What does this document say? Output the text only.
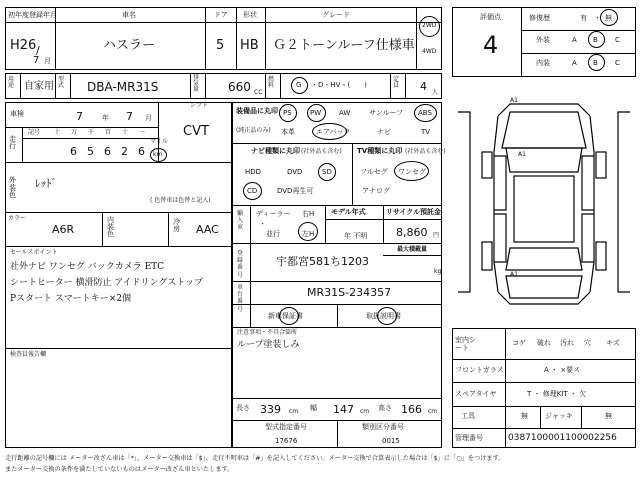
初年度登録年月
H26 /
7 月
車名
ハスラー
ドア
5
形状
HB
グレード
Ｇ２トーンルーフ仕様車
2WD
4WD
評価点
4
修復歴	有 ・ 無
外装	A B C
内装	A B C
用途 自家用
型式 DBA-MR31S
排気量 660 CC
燃料	G ・D・HV・(　　)
定員 4 人
車検	7	年 7 月
シフト
CVT
走行
記号 十 万 千 百 十 一
マイル
6 5 6 2 6 km
外装色
ﾚｯﾄﾞ
( 色替車は色替と記入)
カラー
A6R
内装色
冷房 AAC
セールスポイント
社外ナビ ワンセグ バックカメラ ETC
シートヒーター 横滑防止 アイドリングストップ
Pスタート スマートキー×2個
検査員報告欄
装備品に丸印
(純正品のみ)
PS	PW	AW	サンルーフ ABS
本革	エアバック	ナビ	TV
ナビ種類に丸印 (社外品も含む)
HDD	DVD	SD
CD	DVD再生可
TV種類に丸印 (社外品も含む)
フルセグ ワンセグ
アナログ
輸入車
ディーラー
・
並行
右H
左H
モデル年式
年 不明
リサイクル預託金
8,860 円
最大積載量
kg
登録番号
宇都宮581ち1203
車台番号
MR31S-234357
新車保証書	取扱説明書
注意事項・不具合箇所
ループ塗装しみ
長さ 339 cm 幅 147 cm 高さ 166 cm
型式指定番号
17676
類別区分番号
0015
A1
A1
A1
室内シート
コゲ 破れ 汚れ 穴 キズ
フロントガラス	A ・ ×要ス
スペアタイヤ	T ・ 修理KIT ・ 欠
工具	無 ジャッキ	無
管理番号	0387100001100002256
走行距離の記号欄には メーター改ざん車は「*」、メーター交換車は「$」、走行不明車は「#」を記入してください。メーター交換で合算表示した場合は「$」に「○」をつけます。
またメーター交換の条件を満たしていないものはメーター改ざん車といたします。
